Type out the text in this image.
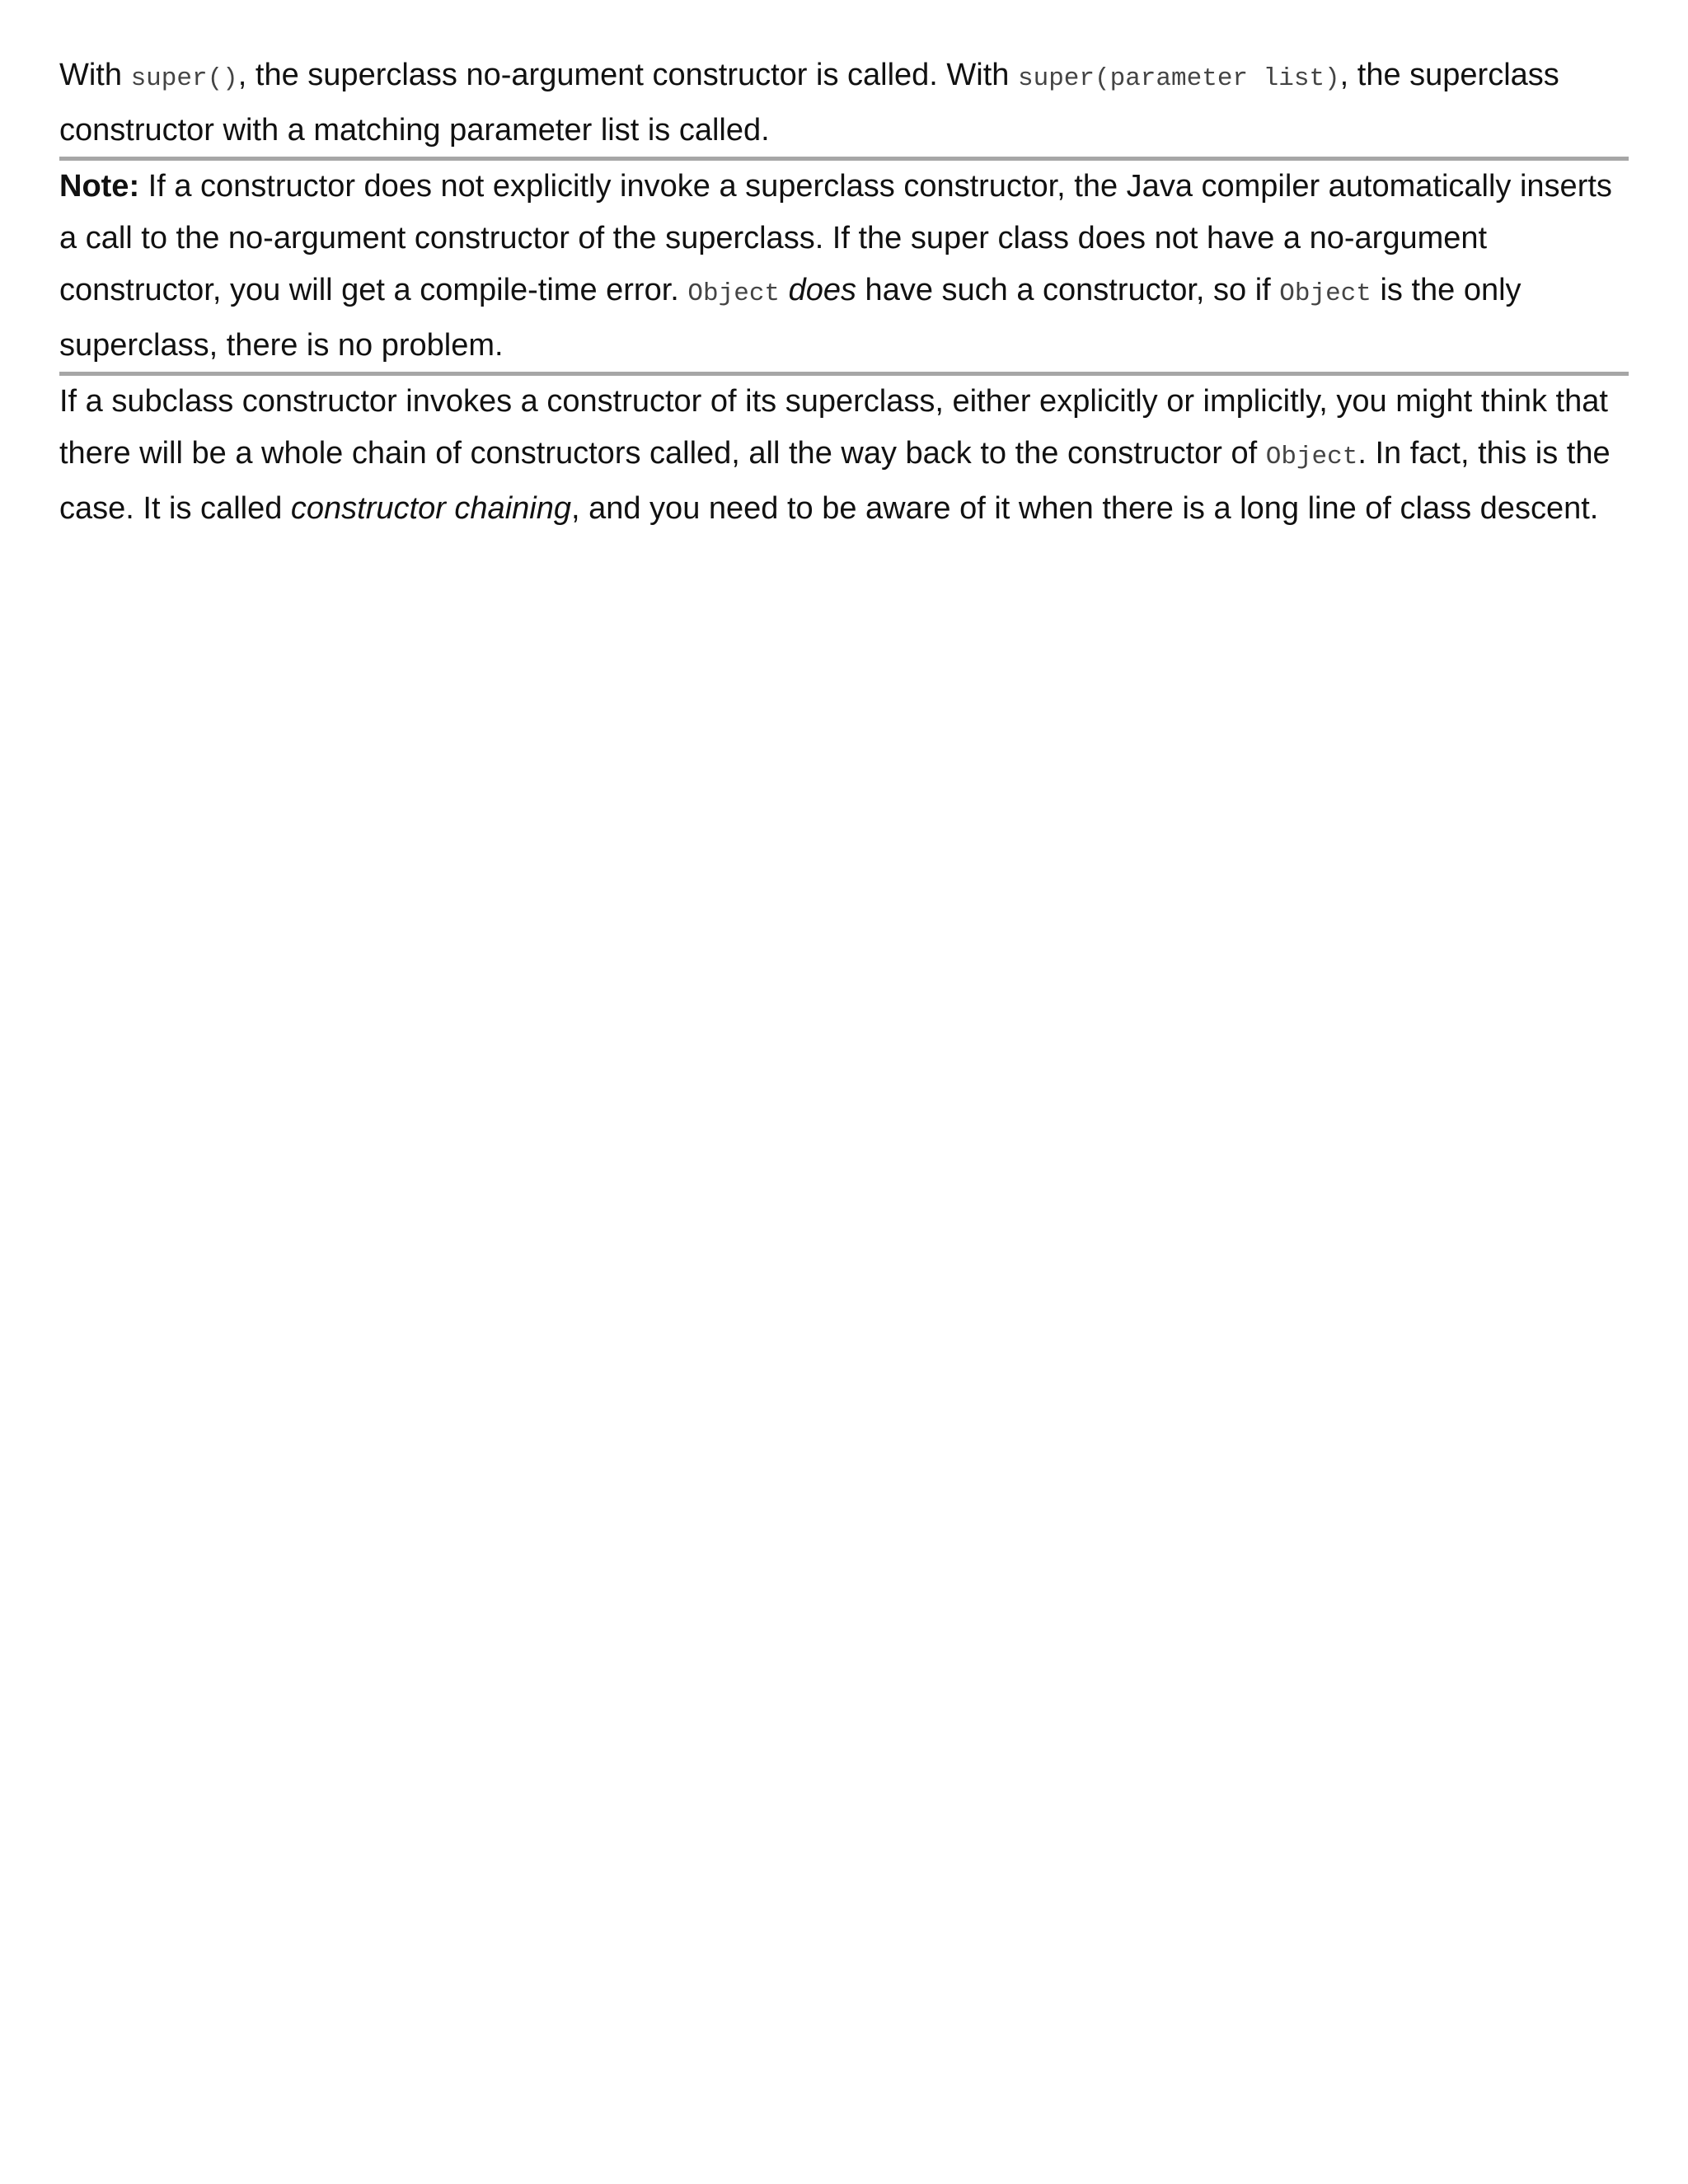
With super(), the superclass no-argument constructor is called. With super(parameter list), the superclass constructor with a matching parameter list is called.

Note: If a constructor does not explicitly invoke a superclass constructor, the Java compiler automatically inserts a call to the no-argument constructor of the superclass. If the super class does not have a no-argument constructor, you will get a compile-time error. Object does have such a constructor, so if Object is the only superclass, there is no problem.

If a subclass constructor invokes a constructor of its superclass, either explicitly or implicitly, you might think that there will be a whole chain of constructors called, all the way back to the constructor of Object. In fact, this is the case. It is called constructor chaining, and you need to be aware of it when there is a long line of class descent.
